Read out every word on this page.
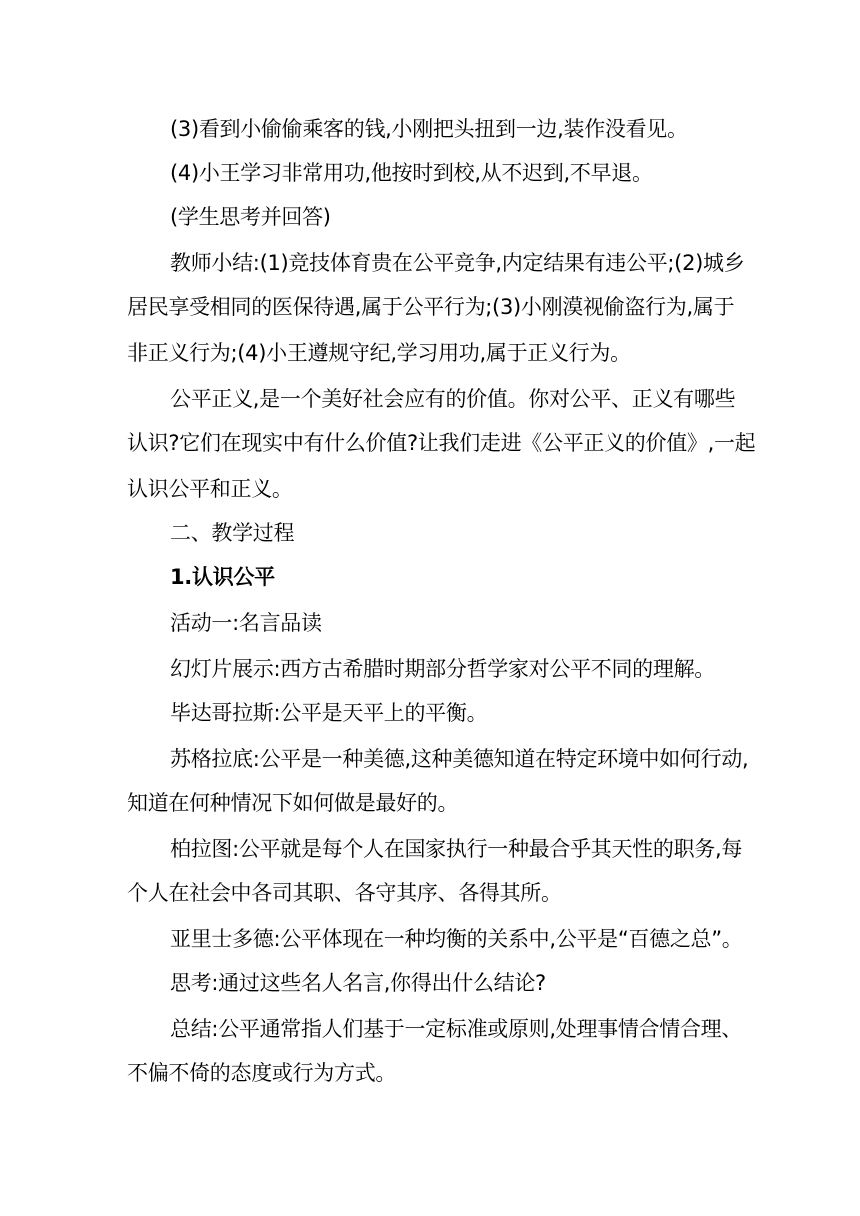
(3)看到小偷偷乘客的钱,小刚把头扭到一边,装作没看见。
(4)小王学习非常用功,他按时到校,从不迟到,不早退。
(学生思考并回答)
教师小结:(1)竞技体育贵在公平竞争,内定结果有违公平;(2)城乡
居民享受相同的医保待遇,属于公平行为;(3)小刚漠视偷盗行为,属于
非正义行为;(4)小王遵规守纪,学习用功,属于正义行为。
公平正义,是一个美好社会应有的价值。你对公平、正义有哪些
认识?它们在现实中有什么价值?让我们走进《公平正义的价值》,一起
认识公平和正义。
二、教学过程
1.认识公平
活动一:名言品读
幻灯片展示:西方古希腊时期部分哲学家对公平不同的理解。
毕达哥拉斯:公平是天平上的平衡。
苏格拉底:公平是一种美德,这种美德知道在特定环境中如何行动,
知道在何种情况下如何做是最好的。
柏拉图:公平就是每个人在国家执行一种最合乎其天性的职务,每
个人在社会中各司其职、各守其序、各得其所。
亚里士多德:公平体现在一种均衡的关系中,公平是“百德之总”。
思考:通过这些名人名言,你得出什么结论?
总结:公平通常指人们基于一定标准或原则,处理事情合情合理、
不偏不倚的态度或行为方式。
